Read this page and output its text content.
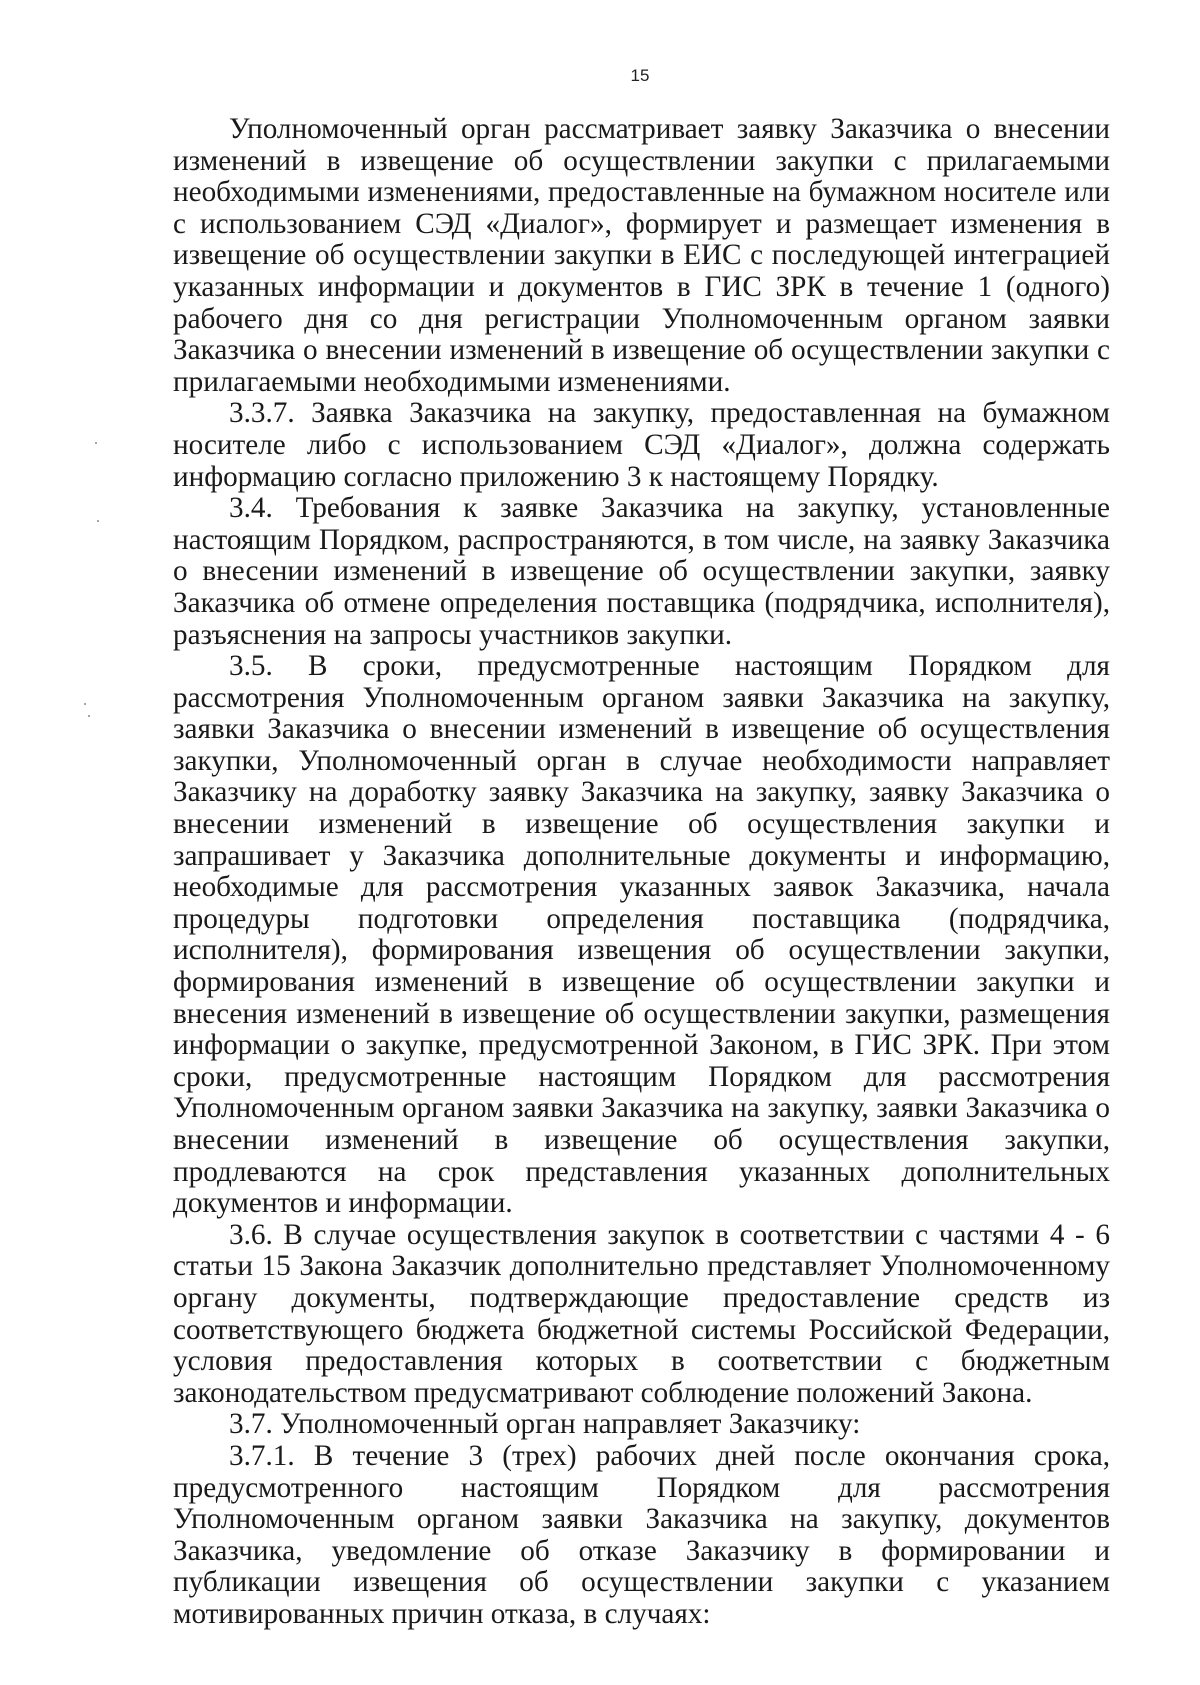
15

Уполномоченный орган рассматривает заявку Заказчика о внесении изменений в извещение об осуществлении закупки с прилагаемыми необходимыми изменениями, предоставленные на бумажном носителе или с использованием СЭД «Диалог», формирует и размещает изменения в извещение об осуществлении закупки в ЕИС с последующей интеграцией указанных информации и документов в ГИС ЗРК в течение 1 (одного) рабочего дня со дня регистрации Уполномоченным органом заявки Заказчика о внесении изменений в извещение об осуществлении закупки с прилагаемыми необходимыми изменениями.

3.3.7. Заявка Заказчика на закупку, предоставленная на бумажном носителе либо с использованием СЭД «Диалог», должна содержать информацию согласно приложению 3 к настоящему Порядку.

3.4. Требования к заявке Заказчика на закупку, установленные настоящим Порядком, распространяются, в том числе, на заявку Заказчика о внесении изменений в извещение об осуществлении закупки, заявку Заказчика об отмене определения поставщика (подрядчика, исполнителя), разъяснения на запросы участников закупки.

3.5. В сроки, предусмотренные настоящим Порядком для рассмотрения Уполномоченным органом заявки Заказчика на закупку, заявки Заказчика о внесении изменений в извещение об осуществления закупки, Уполномоченный орган в случае необходимости направляет Заказчику на доработку заявку Заказчика на закупку, заявку Заказчика о внесении изменений в извещение об осуществления закупки и запрашивает у Заказчика дополнительные документы и информацию, необходимые для рассмотрения указанных заявок Заказчика, начала процедуры подготовки определения поставщика (подрядчика, исполнителя), формирования извещения об осуществлении закупки, формирования изменений в извещение об осуществлении закупки и внесения изменений в извещение об осуществлении закупки, размещения информации о закупке, предусмотренной Законом, в ГИС ЗРК. При этом сроки, предусмотренные настоящим Порядком для рассмотрения Уполномоченным органом заявки Заказчика на закупку, заявки Заказчика о внесении изменений в извещение об осуществления закупки, продлеваются на срок представления указанных дополнительных документов и информации.

3.6. В случае осуществления закупок в соответствии с частями 4 - 6 статьи 15 Закона Заказчик дополнительно представляет Уполномоченному органу документы, подтверждающие предоставление средств из соответствующего бюджета бюджетной системы Российской Федерации, условия предоставления которых в соответствии с бюджетным законодательством предусматривают соблюдение положений Закона.

3.7. Уполномоченный орган направляет Заказчику:

3.7.1. В течение 3 (трех) рабочих дней после окончания срока, предусмотренного настоящим Порядком для рассмотрения Уполномоченным органом заявки Заказчика на закупку, документов Заказчика, уведомление об отказе Заказчику в формировании и публикации извещения об осуществлении закупки с указанием мотивированных причин отказа, в случаях:
